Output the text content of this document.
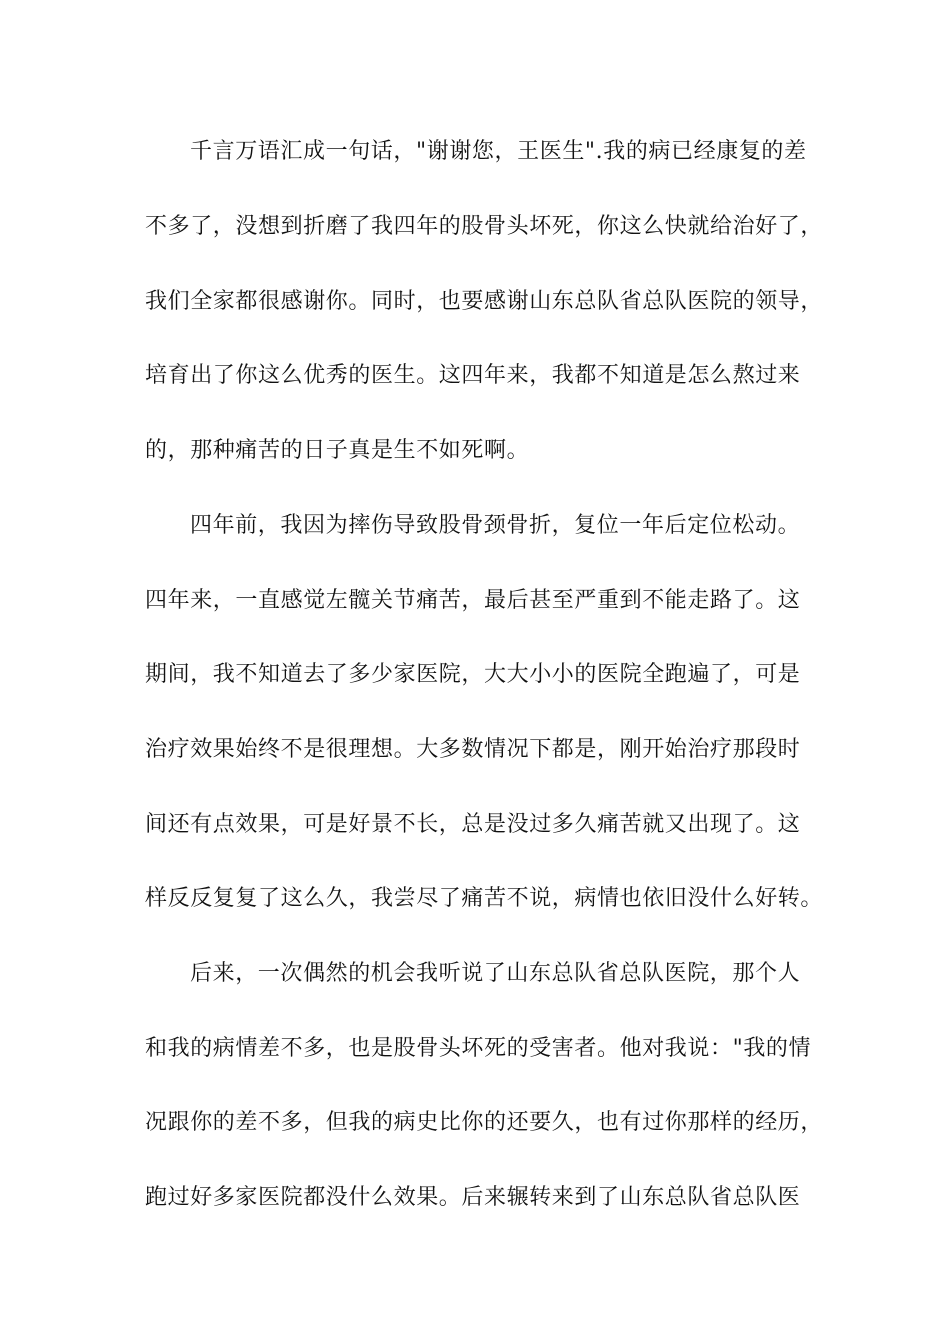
千言万语汇成一句话，"谢谢您，王医生".我的病已经康复的差
不多了，没想到折磨了我四年的股骨头坏死，你这么快就给治好了，
我们全家都很感谢你。同时，也要感谢山东总队省总队医院的领导，
培育出了你这么优秀的医生。这四年来，我都不知道是怎么熬过来
的，那种痛苦的日子真是生不如死啊。
四年前，我因为摔伤导致股骨颈骨折，复位一年后定位松动。
四年来，一直感觉左髋关节痛苦，最后甚至严重到不能走路了。这
期间，我不知道去了多少家医院，大大小小的医院全跑遍了，可是
治疗效果始终不是很理想。大多数情况下都是，刚开始治疗那段时
间还有点效果，可是好景不长，总是没过多久痛苦就又出现了。这
样反反复复了这么久，我尝尽了痛苦不说，病情也依旧没什么好转。
后来，一次偶然的机会我听说了山东总队省总队医院，那个人
和我的病情差不多，也是股骨头坏死的受害者。他对我说："我的情
况跟你的差不多，但我的病史比你的还要久，也有过你那样的经历，
跑过好多家医院都没什么效果。后来辗转来到了山东总队省总队医
